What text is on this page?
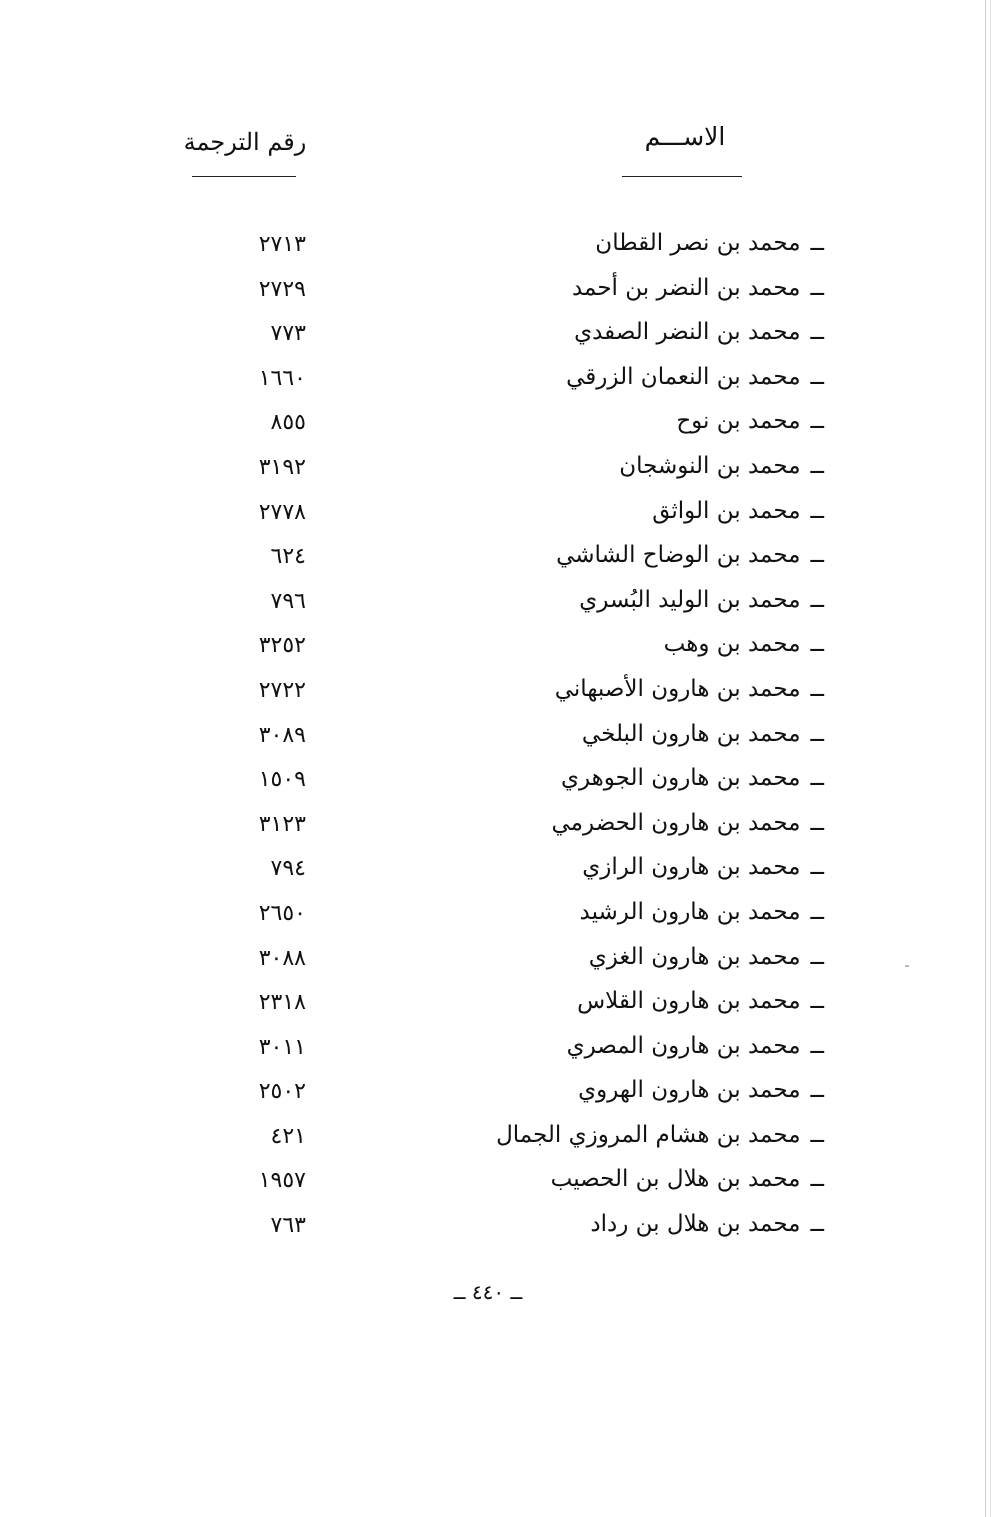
الاســـم
رقم الترجمة
ــمحمد بن نصر القطان
٢٧١٣
ــمحمد بن النضر بن أحمد
٢٧٢٩
ــمحمد بن النضر الصفدي
٧٧٣
ــمحمد بن النعمان الزرقي
١٦٦٠
ــمحمد بن نوح
٨٥٥
ــمحمد بن النوشجان
٣١٩٢
ــمحمد بن الواثق
٢٧٧٨
ــمحمد بن الوضاح الشاشي
٦٢٤
ــمحمد بن الوليد البُسري
٧٩٦
ــمحمد بن وهب
٣٢٥٢
ــمحمد بن هارون الأصبهاني
٢٧٢٢
ــمحمد بن هارون البلخي
٣٠٨٩
ــمحمد بن هارون الجوهري
١٥٠٩
ــمحمد بن هارون الحضرمي
٣١٢٣
ــمحمد بن هارون الرازي
٧٩٤
ــمحمد بن هارون الرشيد
٢٦٥٠
ــمحمد بن هارون الغزي
٣٠٨٨
ــمحمد بن هارون القلاس
٢٣١٨
ــمحمد بن هارون المصري
٣٠١١
ــمحمد بن هارون الهروي
٢٥٠٢
ــمحمد بن هشام المروزي الجمال
٤٢١
ــمحمد بن هلال بن الحصيب
١٩٥٧
ــمحمد بن هلال بن رداد
٧٦٣
ــ ٤٤٠ ــ
